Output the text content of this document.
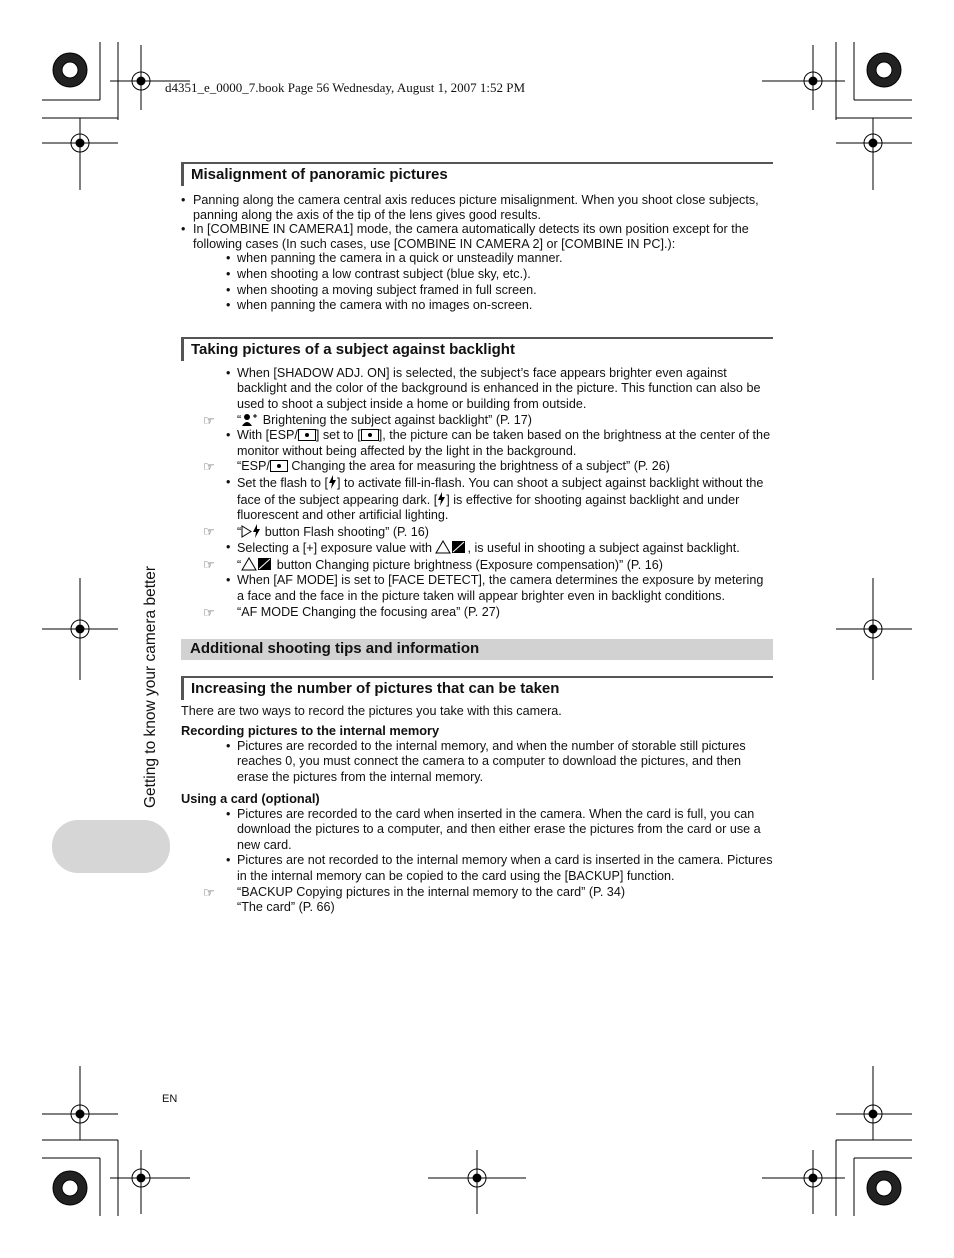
d4351_e_0000_7.book Page 56 Wednesday, August 1, 2007 1:52 PM
Getting to know your camera better
EN
Misalignment of panoramic pictures
• Panning along the camera central axis reduces picture misalignment. When you shoot close subjects, panning along the axis of the tip of the lens gives good results.
• In [COMBINE IN CAMERA1] mode, the camera automatically detects its own position except for the following cases (In such cases, use [COMBINE IN CAMERA 2] or [COMBINE IN PC].):
• when panning the camera in a quick or unsteadily manner.
• when shooting a low contrast subject (blue sky, etc.).
• when shooting a moving subject framed in full screen.
• when panning the camera with no images on-screen.
Taking pictures of a subject against backlight
• When [SHADOW ADJ. ON] is selected, the subject’s face appears brighter even against backlight and the color of the background is enhanced in the picture. This function can also be used to shoot a subject inside a home or building from outside.
☞ “ Brightening the subject against backlight” (P. 17)
• With [ESP/ ] set to [ ], the picture can be taken based on the brightness at the center of the monitor without being affected by the light in the background.
☞ “ESP/ Changing the area for measuring the brightness of a subject” (P. 26)
• Set the flash to [ ] to activate fill-in-flash. You can shoot a subject against backlight without the face of the subject appearing dark. [ ] is effective for shooting against backlight and under fluorescent and other artificial lighting.
☞ “ button Flash shooting” (P. 16)
• Selecting a [+] exposure value with	, is useful in shooting a subject against backlight.
☞ “	button Changing picture brightness (Exposure compensation)” (P. 16)
• When [AF MODE] is set to [FACE DETECT], the camera determines the exposure by metering a face and the face in the picture taken will appear brighter even in backlight conditions.
☞ “AF MODE Changing the focusing area” (P. 27)
Additional shooting tips and information
Increasing the number of pictures that can be taken
There are two ways to record the pictures you take with this camera.
Recording pictures to the internal memory
• Pictures are recorded to the internal memory, and when the number of storable still pictures reaches 0, you must connect the camera to a computer to download the pictures, and then erase the pictures from the internal memory.
Using a card (optional)
• Pictures are recorded to the card when inserted in the camera. When the card is full, you can download the pictures to a computer, and then either erase the pictures from the card or use a new card.
• Pictures are not recorded to the internal memory when a card is inserted in the camera. Pictures in the internal memory can be copied to the card using the [BACKUP] function.
☞ “BACKUP Copying pictures in the internal memory to the card” (P. 34)
“The card” (P. 66)
